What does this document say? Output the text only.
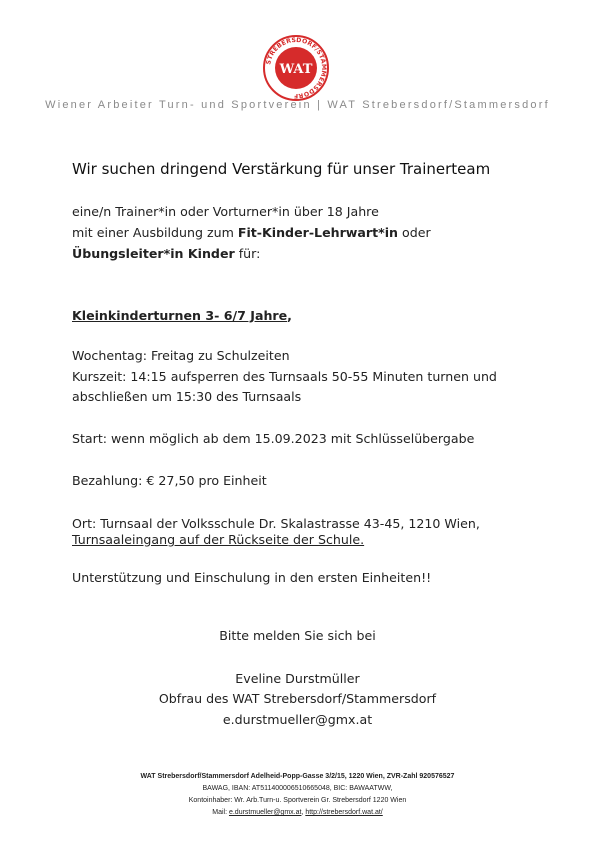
STREBERSDORF/STAMMERSDORF
WAT
Wiener Arbeiter Turn- und Sportverein | WAT Strebersdorf/Stammersdorf
Wir suchen dringend Verstärkung für unser Trainerteam
eine/n Trainer*in oder Vorturner*in über 18 Jahre
mit einer Ausbildung zum Fit-Kinder-Lehrwart*in oder
Übungsleiter*in Kinder für:
Kleinkinderturnen 3- 6/7 Jahre,
Wochentag: Freitag zu Schulzeiten
Kurszeit: 14:15 aufsperren des Turnsaals 50-55 Minuten turnen und
abschließen um 15:30 des Turnsaals
Start: wenn möglich ab dem 15.09.2023 mit Schlüsselübergabe
Bezahlung: € 27,50 pro Einheit
Ort: Turnsaal der Volksschule Dr. Skalastrasse 43-45, 1210 Wien,
Turnsaaleingang auf der Rückseite der Schule.
Unterstützung und Einschulung in den ersten Einheiten!!
Bitte melden Sie sich bei
Eveline Durstmüller
Obfrau des WAT Strebersdorf/Stammersdorf
e.durstmueller@gmx.at
WAT Strebersdorf/Stammersdorf Adelheid-Popp-Gasse 3/2/15, 1220 Wien, ZVR-Zahl 920576527
BAWAG, IBAN: AT511400006510665048, BIC: BAWAATWW,
Kontoinhaber: Wr. Arb.Turn-u. Sportverein Gr. Strebersdorf 1220 Wien
Mail: e.durstmueller@gmx.at, http://strebersdorf.wat.at/
